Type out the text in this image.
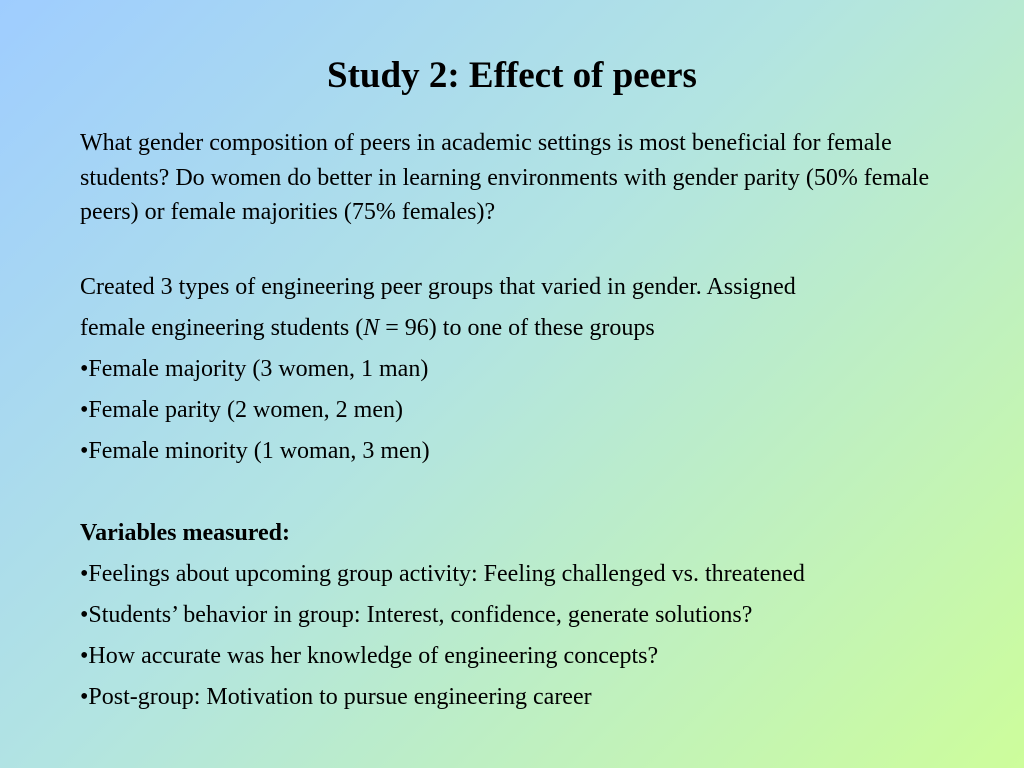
Study 2: Effect of peers
What gender composition of peers in academic settings is most beneficial for female students? Do women do better in learning environments with gender parity (50% female peers) or female majorities (75% females)?
Created 3 types of engineering peer groups that varied in gender. Assigned
female engineering students (N = 96) to one of these groups
•Female majority (3 women, 1 man)
•Female parity (2 women, 2 men)
•Female minority (1 woman, 3 men)
Variables measured:
•Feelings about upcoming group activity: Feeling challenged vs. threatened
•Students’ behavior in group: Interest, confidence, generate solutions?
•How accurate was her knowledge of engineering concepts?
•Post-group: Motivation to pursue engineering career
